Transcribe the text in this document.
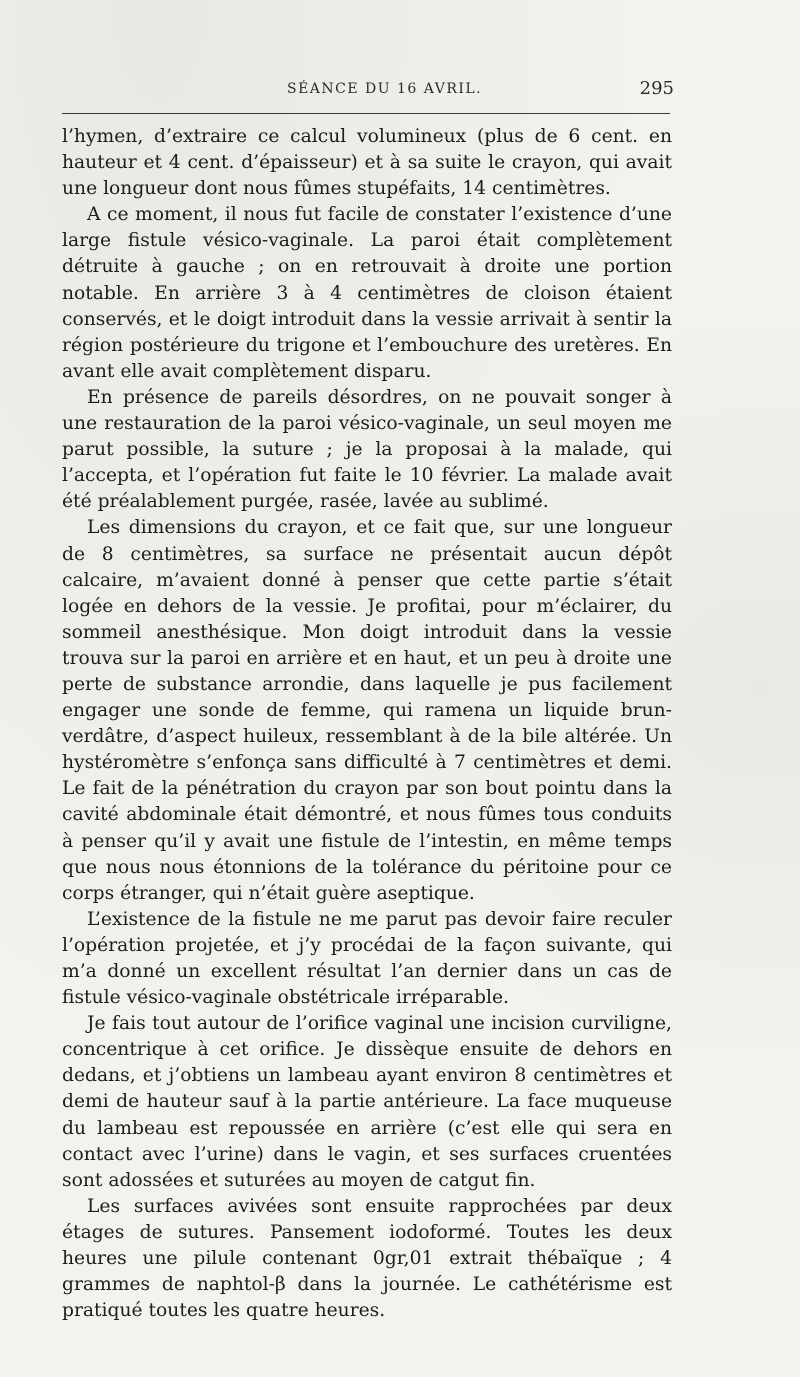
SÉANCE DU 16 AVRIL.	295

l’hymen, d’extraire ce calcul volumineux (plus de 6 cent. en hauteur et 4 cent. d’épaisseur) et à sa suite le crayon, qui avait une longueur dont nous fûmes stupéfaits, 14 centimètres.

A ce moment, il nous fut facile de constater l’existence d’une large fistule vésico-vaginale. La paroi était complètement détruite à gauche ; on en retrouvait à droite une portion notable. En arrière 3 à 4 centimètres de cloison étaient conservés, et le doigt introduit dans la vessie arrivait à sentir la région postérieure du trigone et l’embouchure des uretères. En avant elle avait complètement disparu.

En présence de pareils désordres, on ne pouvait songer à une restauration de la paroi vésico-vaginale, un seul moyen me parut possible, la suture ; je la proposai à la malade, qui l’accepta, et l’opération fut faite le 10 février. La malade avait été préalablement purgée, rasée, lavée au sublimé.

Les dimensions du crayon, et ce fait que, sur une longueur de 8 centimètres, sa surface ne présentait aucun dépôt calcaire, m’avaient donné à penser que cette partie s’était logée en dehors de la vessie. Je profitai, pour m’éclairer, du sommeil anesthésique. Mon doigt introduit dans la vessie trouva sur la paroi en arrière et en haut, et un peu à droite une perte de substance arrondie, dans laquelle je pus facilement engager une sonde de femme, qui ramena un liquide brun-verdâtre, d’aspect huileux, ressemblant à de la bile altérée. Un hystéromètre s’enfonça sans difficulté à 7 centimètres et demi. Le fait de la pénétration du crayon par son bout pointu dans la cavité abdominale était démontré, et nous fûmes tous conduits à penser qu’il y avait une fistule de l’intestin, en même temps que nous nous étonnions de la tolérance du péritoine pour ce corps étranger, qui n’était guère aseptique.

L’existence de la fistule ne me parut pas devoir faire reculer l’opération projetée, et j’y procédai de la façon suivante, qui m’a donné un excellent résultat l’an dernier dans un cas de fistule vésico-vaginale obstétricale irréparable.

Je fais tout autour de l’orifice vaginal une incision curviligne, concentrique à cet orifice. Je dissèque ensuite de dehors en dedans, et j’obtiens un lambeau ayant environ 8 centimètres et demi de hauteur sauf à la partie antérieure. La face muqueuse du lambeau est repoussée en arrière (c’est elle qui sera en contact avec l’urine) dans le vagin, et ses surfaces cruentées sont adossées et suturées au moyen de catgut fin.

Les surfaces avivées sont ensuite rapprochées par deux étages de sutures. Pansement iodoformé. Toutes les deux heures une pilule contenant 0gr,01 extrait thébaïque ; 4 grammes de naphtol-β dans la journée. Le cathétérisme est pratiqué toutes les quatre heures.
